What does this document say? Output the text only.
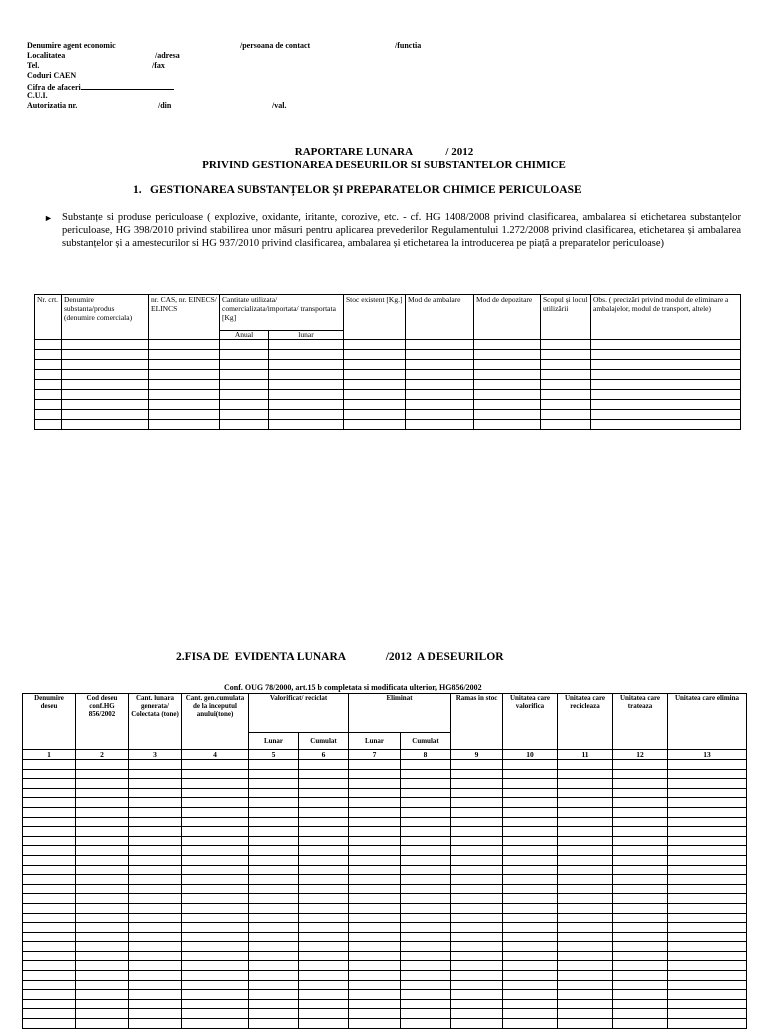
Denumire agent economic	/persoana de contact	/functia
Localitatea	/adresa
Tel.	/fax
Coduri CAEN
Cifra de afaceri
C.U.I.
Autorizatia nr.	/din	/val.
RAPORTARE LUNARA            / 2012
PRIVIND GESTIONAREA DESEURILOR SI SUBSTANTELOR CHIMICE
1. GESTIONAREA SUBSTANȚELOR ȘI PREPARATELOR CHIMICE PERICULOASE
► Substanțe si produse periculoase ( explozive, oxidante, iritante, corozive, etc. - cf. HG 1408/2008 privind clasificarea, ambalarea si etichetarea substanțelor periculoase, HG 398/2010 privind stabilirea unor măsuri pentru aplicarea prevederilor Regulamentului 1.272/2008 privind clasificarea, etichetarea și ambalarea substanțelor și a amestecurilor si HG 937/2010 privind clasificarea, ambalarea și etichetarea la introducerea pe piață a preparatelor periculoase)
Nr. crt.	Denumire substanta/produs (denumire comerciala)	nr. CAS, nr. EINECS/ ELINCS	Cantitate utilizata/ comercializata/importata/ transportata [Kg]		Stoc existent [Kg.]	Mod de ambalare	Mod de depozitare	Scopul și locul utilizării	Obs. ( precizări privind modul de eliminare a ambalajelor, modul de transport, altele)
			Anual	lunar					

2.FISA DE  EVIDENTA LUNARA              /2012  A DESEURILOR
Conf. OUG 78/2000, art.15 b completata si modificata ulterior, HG856/2002
Denumire deseu	Cod deseu conf.HG 856/2002	Cant. lunara generata/ Colectata (tone)	Cant. gen.cumulata de la inceputul anului(tone)	Valorificat/ reciclat		Eliminat		Ramas in stoc	Unitatea care valorifica	Unitatea care recicleaza	Unitatea care trateaza	Unitatea care elimina
				Lunar	Cumulat	Lunar	Cumulat					
1	2	3	4	5	6	7	8	9	10	11	12	13
